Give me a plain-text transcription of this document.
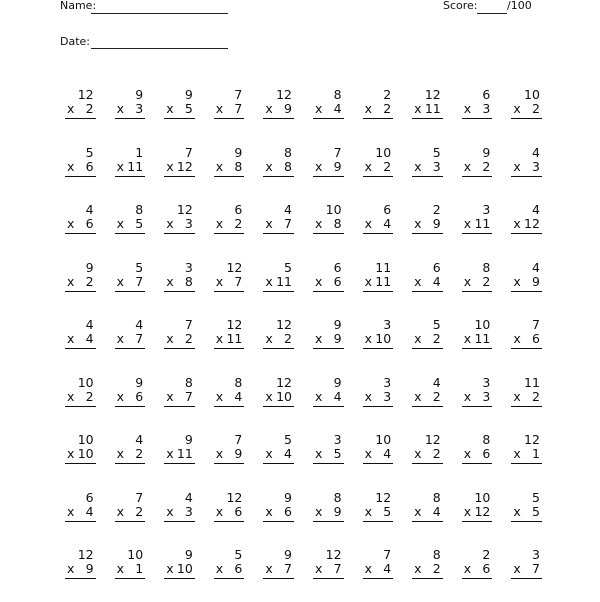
Name:	Score:	/100
Date:
12
x 2
9
x 3
9
x 5
7
x 7
12
x 9
8
x 4
2
x 2
12
x 11
6
x 3
10
x 2
5
x 6
1
x 11
7
x 12
9
x 8
8
x 8
7
x 9
10
x 2
5
x 3
9
x 2
4
x 3
4
x 6
8
x 5
12
x 3
6
x 2
4
x 7
10
x 8
6
x 4
2
x 9
3
x 11
4
x 12
9
x 2
5
x 7
3
x 8
12
x 7
5
x 11
6
x 6
11
x 11
6
x 4
8
x 2
4
x 9
4
x 4
4
x 7
7
x 2
12
x 11
12
x 2
9
x 9
3
x 10
5
x 2
10
x 11
7
x 6
10
x 2
9
x 6
8
x 7
8
x 4
12
x 10
9
x 4
3
x 3
4
x 2
3
x 3
11
x 2
10
x 10
4
x 2
9
x 11
7
x 9
5
x 4
3
x 5
10
x 4
12
x 2
8
x 6
12
x 1
6
x 4
7
x 2
4
x 3
12
x 6
9
x 6
8
x 9
12
x 5
8
x 4
10
x 12
5
x 5
12
x 9
10
x 1
9
x 10
5
x 6
9
x 7
12
x 7
7
x 4
8
x 2
2
x 6
3
x 7
